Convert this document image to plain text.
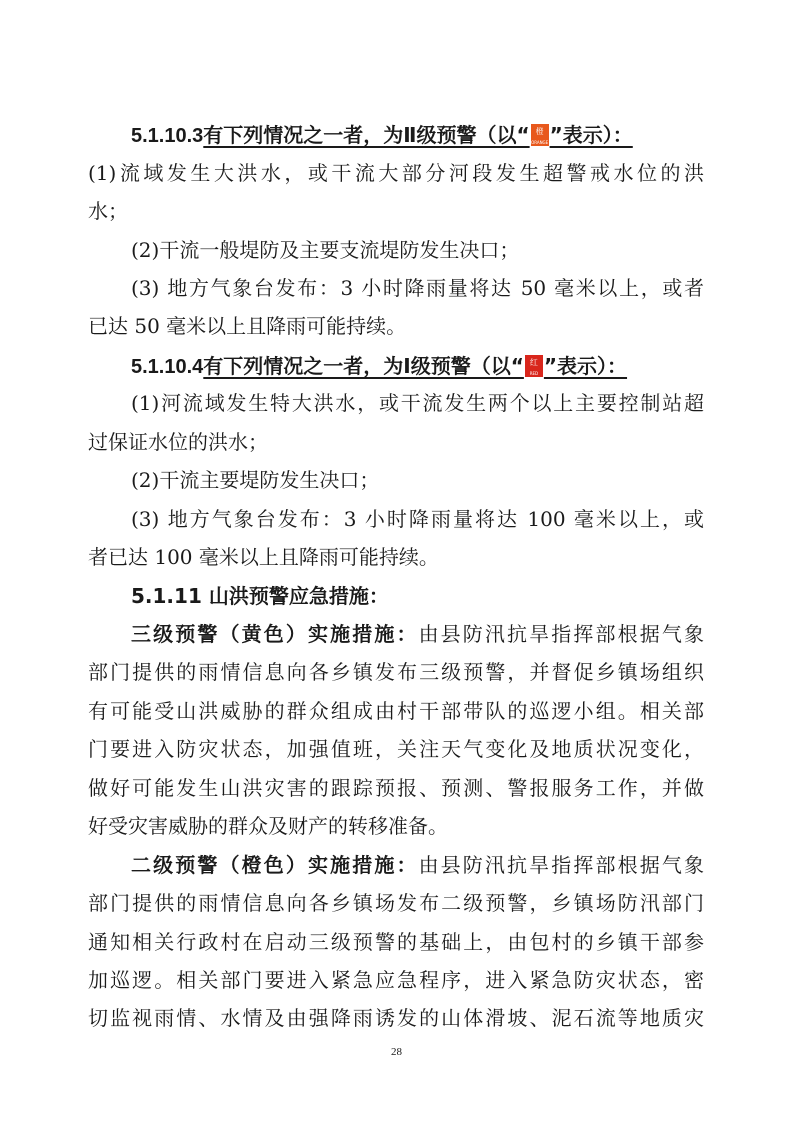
5.1.10.3有下列情况之一者，为Ⅱ级预警（以“ 橙
ORANGE ”表示）：
(1)流域发生大洪水，或干流大部分河段发生超警戒水位的洪
水；
(2)干流一般堤防及主要支流堤防发生决口；
(3) 地方气象台发布：3 小时降雨量将达 50 毫米以上，或者
已达 50 毫米以上且降雨可能持续。
5.1.10.4有下列情况之一者，为Ⅰ级预警（以“ 红
RED ”表示）：
(1)河流域发生特大洪水，或干流发生两个以上主要控制站超
过保证水位的洪水；
(2)干流主要堤防发生决口；
(3) 地方气象台发布：3 小时降雨量将达 100 毫米以上，或
者已达 100 毫米以上且降雨可能持续。
5.1.11 山洪预警应急措施：
三级预警（黄色）实施措施：由县防汛抗旱指挥部根据气象
部门提供的雨情信息向各乡镇发布三级预警，并督促乡镇场组织
有可能受山洪威胁的群众组成由村干部带队的巡逻小组。相关部
门要进入防灾状态，加强值班，关注天气变化及地质状况变化，
做好可能发生山洪灾害的跟踪预报、预测、警报服务工作，并做
好受灾害威胁的群众及财产的转移准备。
二级预警（橙色）实施措施：由县防汛抗旱指挥部根据气象
部门提供的雨情信息向各乡镇场发布二级预警，乡镇场防汛部门
通知相关行政村在启动三级预警的基础上，由包村的乡镇干部参
加巡逻。相关部门要进入紧急应急程序，进入紧急防灾状态，密
切监视雨情、水情及由强降雨诱发的山体滑坡、泥石流等地质灾
28
